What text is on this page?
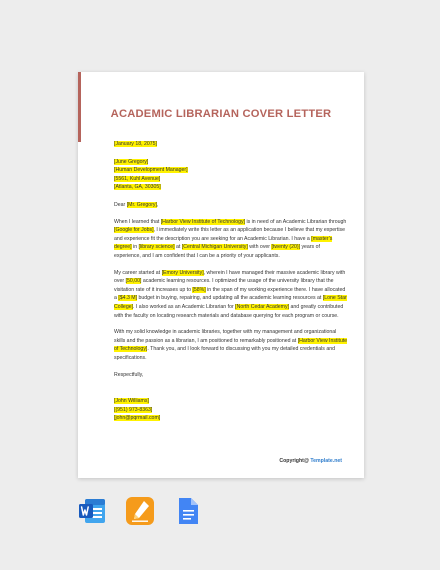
ACADEMIC LIBRARIAN COVER LETTER
[January 18, 2075]
[June Gregory]
[Human Development Manager]
[5561, Kuhl Avenue]
[Atlanta, GA, 30305]
Dear [Mr. Gregory],
When I learned that [Harbor View Institute of Technology] is in need of an Academic Librarian through [Google for Jobs], I immediately write this letter as an application because I believe that my expertise and experience fit the description you are seeking for an Academic Librarian. I have a [master’s degree] in [library science] at [Central Michigan University] with over [twenty (20)] years of experience, and I am confident that I can be a priority of your applicants.
My career started at [Emory University], wherein I have managed their massive academic library with over [50,00] academic learning resources. I optimized the usage of the university library that the visitation rate of it increases up to [58%] in the span of my working experience there. I have allocated a [$4.3 M] budget in buying, repairing, and updating all the academic learning resources at [Lone Star College]. I also worked as an Academic Librarian for [North Cedar Academy] and greatly contributed with the faculty on locating research materials and database querying for each program or course.
With my solid knowledge in academic libraries, together with my management and organizational skills and the passion as a librarian, I am positioned to remarkably positioned at [Harbor View Institute of Technology]. Thank you, and I look forward to discussing with you my detailed credentials and specifications.
Respectfully,
[John Williams]
[(951) 973-8363]
[john@pqrmail.com]
Copyright@ Template.net
